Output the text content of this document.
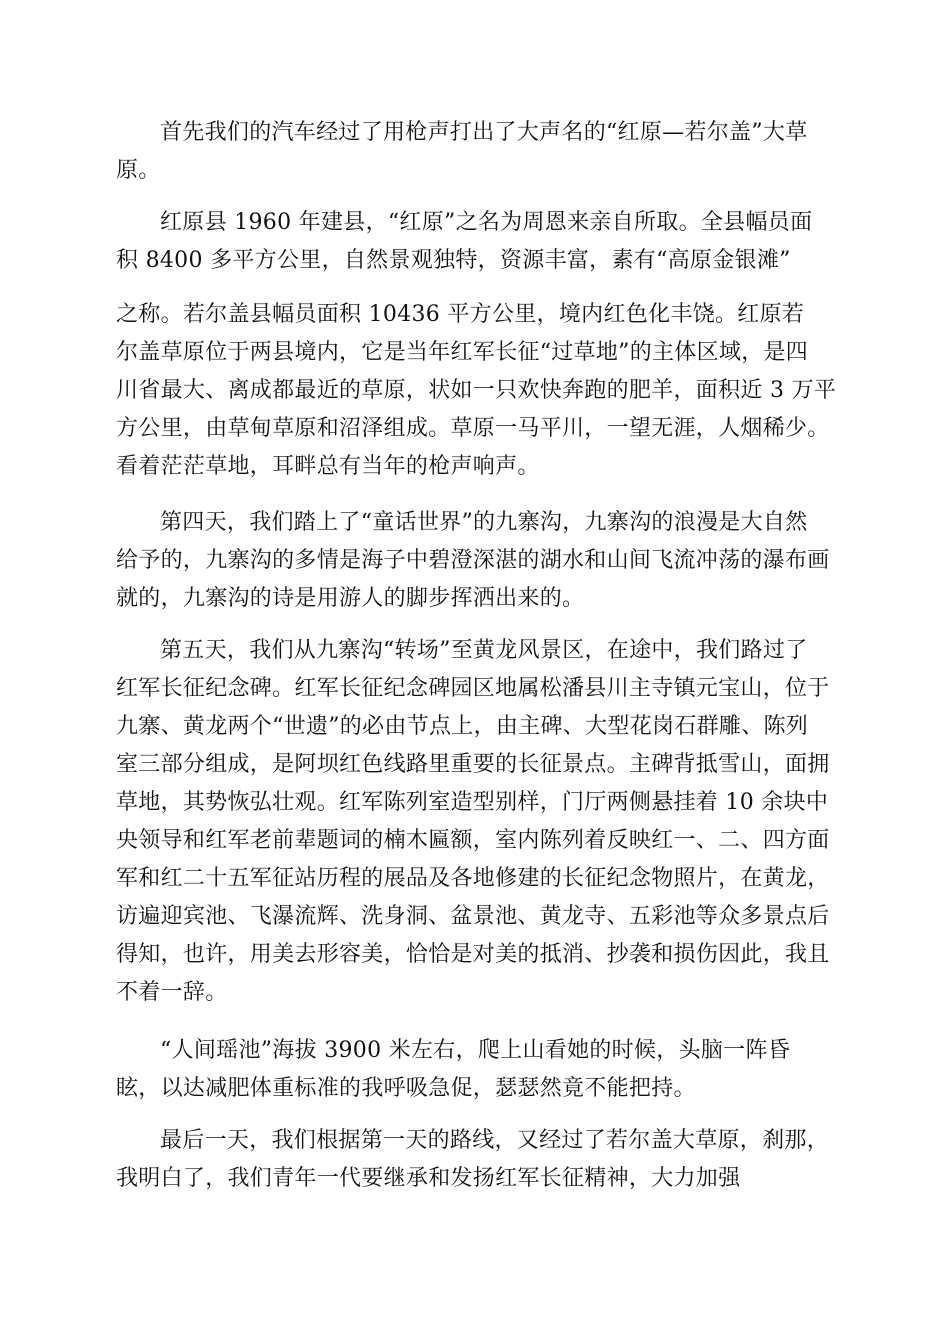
首先我们的汽车经过了用枪声打出了大声名的“红原—若尔盖”大草
原。
红原县 1960 年建县，“红原”之名为周恩来亲自所取。全县幅员面
积 8400 多平方公里，自然景观独特，资源丰富，素有“高原金银滩”
之称。若尔盖县幅员面积 10436 平方公里，境内红色化丰饶。红原若
尔盖草原位于两县境内，它是当年红军长征“过草地”的主体区域，是四
川省最大、离成都最近的草原，状如一只欢快奔跑的肥羊，面积近 3 万平
方公里，由草甸草原和沼泽组成。草原一马平川，一望无涯，人烟稀少。
看着茫茫草地，耳畔总有当年的枪声响声。
第四天，我们踏上了“童话世界”的九寨沟，九寨沟的浪漫是大自然
给予的，九寨沟的多情是海子中碧澄深湛的湖水和山间飞流冲荡的瀑布画
就的，九寨沟的诗是用游人的脚步挥洒出来的。
第五天，我们从九寨沟“转场”至黄龙风景区，在途中，我们路过了
红军长征纪念碑。红军长征纪念碑园区地属松潘县川主寺镇元宝山，位于
九寨、黄龙两个“世遗”的必由节点上，由主碑、大型花岗石群雕、陈列
室三部分组成，是阿坝红色线路里重要的长征景点。主碑背抵雪山，面拥
草地，其势恢弘壮观。红军陈列室造型别样，门厅两侧悬挂着 10 余块中
央领导和红军老前辈题词的楠木匾额，室内陈列着反映红一、二、四方面
军和红二十五军征站历程的展品及各地修建的长征纪念物照片，在黄龙，
访遍迎宾池、飞瀑流辉、洗身洞、盆景池、黄龙寺、五彩池等众多景点后
得知，也许，用美去形容美，恰恰是对美的抵消、抄袭和损伤因此，我且
不着一辞。
“人间瑶池”海拔 3900 米左右，爬上山看她的时候，头脑一阵昏
眩，以达减肥体重标准的我呼吸急促，瑟瑟然竟不能把持。
最后一天，我们根据第一天的路线，又经过了若尔盖大草原，刹那，
我明白了，我们青年一代要继承和发扬红军长征精神，大力加强
